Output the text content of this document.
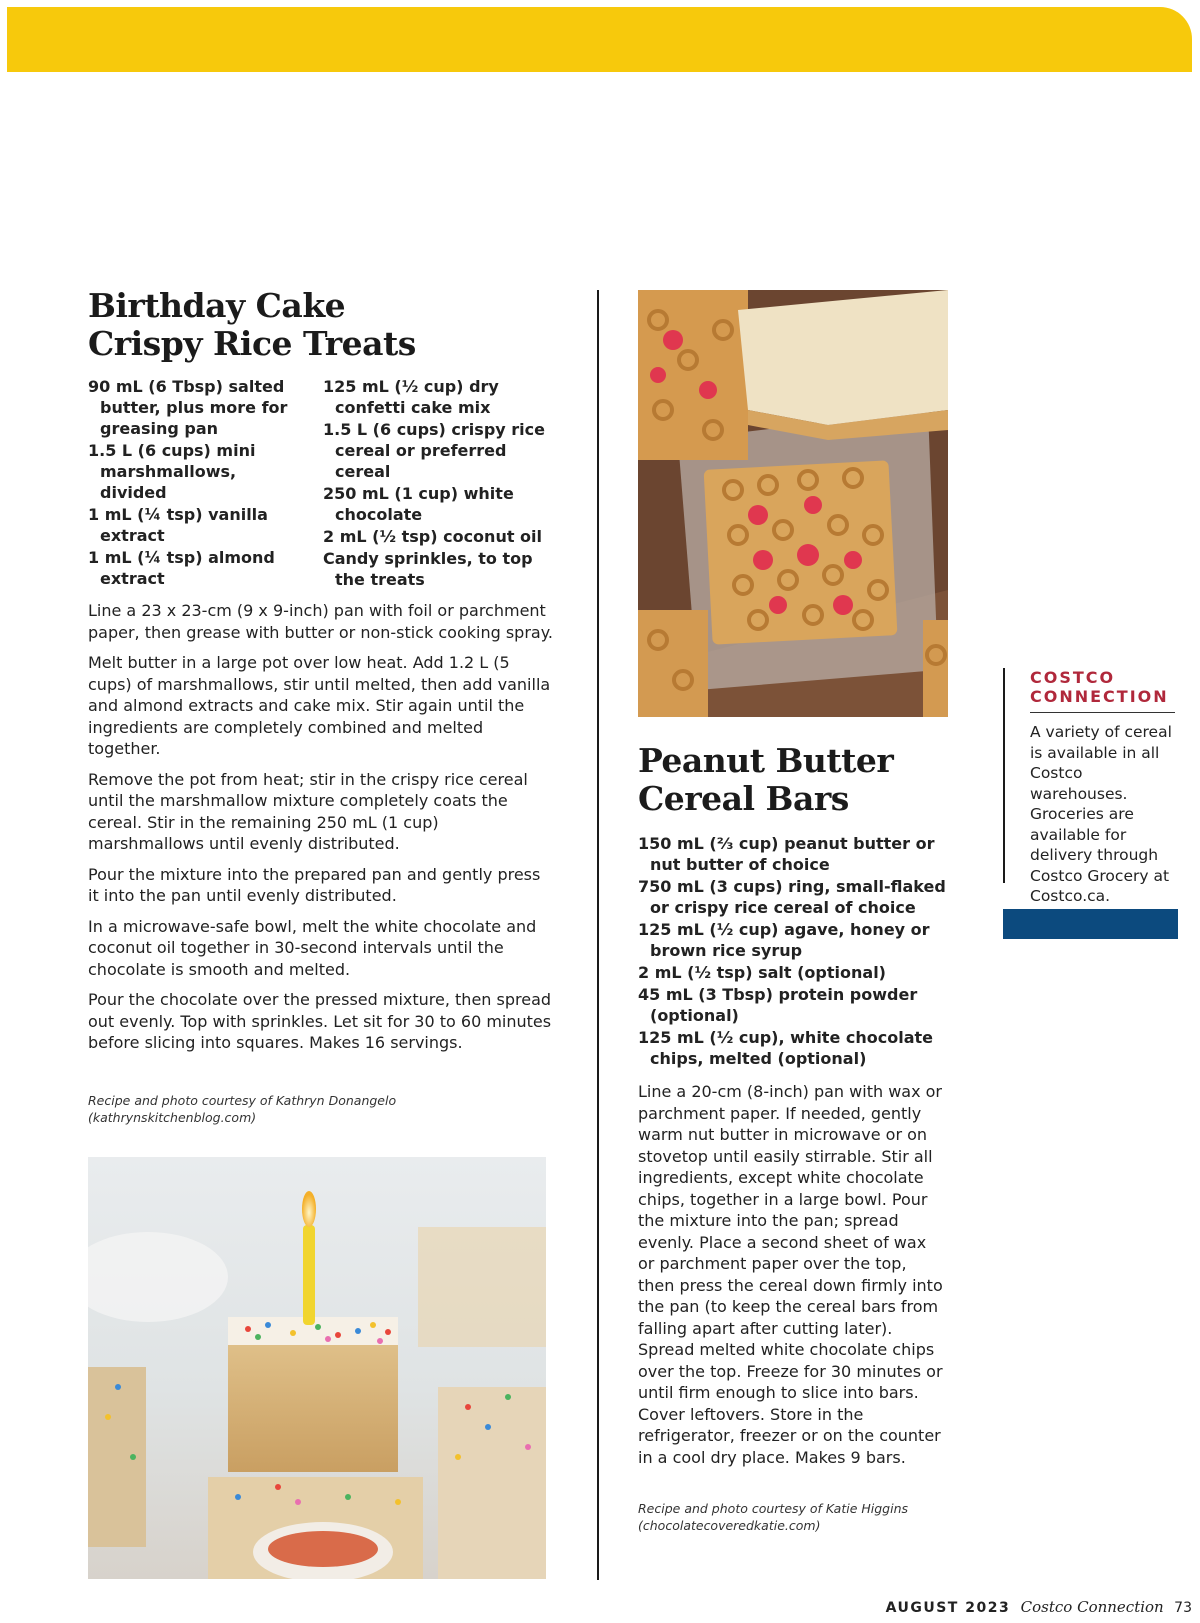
Birthday Cake
Crispy Rice Treats
90 mL (6 Tbsp) salted butter, plus more for greasing pan
1.5 L (6 cups) mini marshmallows, divided
1 mL (¼ tsp) vanilla extract
1 mL (¼ tsp) almond extract
125 mL (½ cup) dry confetti cake mix
1.5 L (6 cups) crispy rice cereal or preferred cereal
250 mL (1 cup) white chocolate
2 mL (½ tsp) coconut oil
Candy sprinkles, to top the treats

Line a 23 x 23-cm (9 x 9-inch) pan with foil or parchment paper, then grease with butter or non-stick cooking spray.

Melt butter in a large pot over low heat. Add 1.2 L (5 cups) of marshmallows, stir until melted, then add vanilla and almond extracts and cake mix. Stir again until the ingredients are completely combined and melted together.

Remove the pot from heat; stir in the crispy rice cereal until the marshmallow mixture completely coats the cereal. Stir in the remaining 250 mL (1 cup) marshmallows until evenly distributed.

Pour the mixture into the prepared pan and gently press it into the pan until evenly distributed.

In a microwave-safe bowl, melt the white chocolate and coconut oil together in 30-second intervals until the chocolate is smooth and melted.

Pour the chocolate over the pressed mixture, then spread out evenly. Top with sprinkles. Let sit for 30 to 60 minutes before slicing into squares. Makes 16 servings.

Recipe and photo courtesy of Kathryn Donangelo
(kathrynskitchenblog.com)
Peanut Butter
Cereal Bars
150 mL (⅔ cup) peanut butter or nut butter of choice
750 mL (3 cups) ring, small-flaked or crispy rice cereal of choice
125 mL (½ cup) agave, honey or brown rice syrup
2 mL (½ tsp) salt (optional)
45 mL (3 Tbsp) protein powder (optional)
125 mL (½ cup), white chocolate chips, melted (optional)

Line a 20-cm (8-inch) pan with wax or parchment paper. If needed, gently warm nut butter in microwave or on stovetop until easily stirrable. Stir all ingredients, except white chocolate chips, together in a large bowl. Pour the mixture into the pan; spread evenly. Place a second sheet of wax or parchment paper over the top, then press the cereal down firmly into the pan (to keep the cereal bars from falling apart after cutting later). Spread melted white chocolate chips over the top. Freeze for 30 minutes or until firm enough to slice into bars. Cover leftovers. Store in the refrigerator, freezer or on the counter in a cool dry place. Makes 9 bars.

Recipe and photo courtesy of Katie Higgins
(chocolatecoveredkatie.com)
COSTCO
CONNECTION

A variety of cereal is available in all Costco warehouses. Groceries are available for delivery through Costco Grocery at Costco.ca.

AUGUST 2023 Costco Connection 73
